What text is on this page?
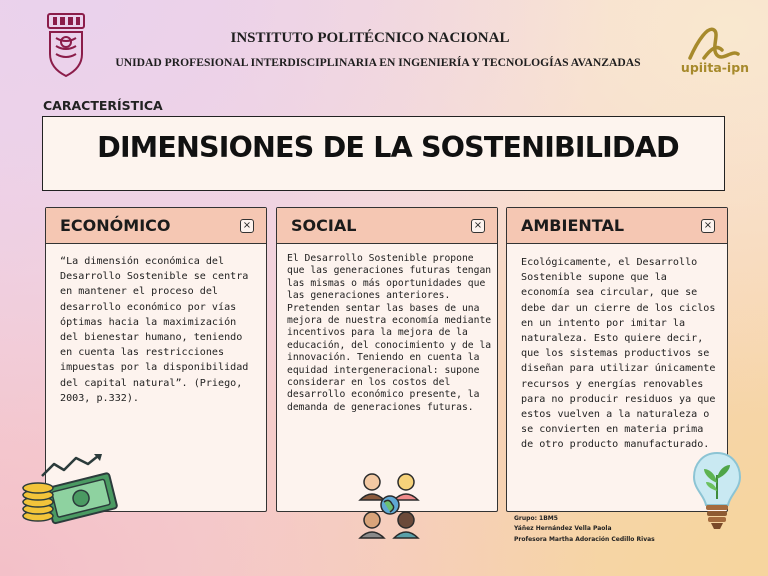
INSTITUTO POLITÉCNICO NACIONAL
UNIDAD PROFESIONAL INTERDISCIPLINARIA EN INGENIERÍA Y TECNOLOGÍAS AVANZADAS	upiita-ipn
CARACTERÍSTICA
DIMENSIONES DE LA SOSTENIBILIDAD
ECONÓMICO	×
“La dimensión económica del Desarrollo Sostenible se centra en mantener el proceso del desarrollo económico por vías óptimas hacia la maximización del bienestar humano, teniendo en cuenta las restricciones impuestas por la disponibilidad del capital natural”. (Priego, 2003, p.332).
SOCIAL	×
El Desarrollo Sostenible propone que las generaciones futuras tengan las mismas o más oportunidades que las generaciones anteriores. Pretenden sentar las bases de una mejora de nuestra economía mediante incentivos para la mejora de la educación, del conocimiento y de la innovación. Teniendo en cuenta la equidad intergeneracional: supone considerar en los costos del desarrollo económico presente, la demanda de generaciones futuras.
AMBIENTAL	×
Ecológicamente, el Desarrollo Sostenible supone que la economía sea circular, que se debe dar un cierre de los ciclos en un intento por imitar la naturaleza. Esto quiere decir, que los sistemas productivos se diseñan para utilizar únicamente recursos y energías renovables para no producir residuos ya que estos vuelven a la naturaleza o se convierten en materia prima de otro producto manufacturado.
Grupo: 1BM5
Yáñez Hernández Vella Paola
Profesora Martha Adoración Cedillo Rivas
